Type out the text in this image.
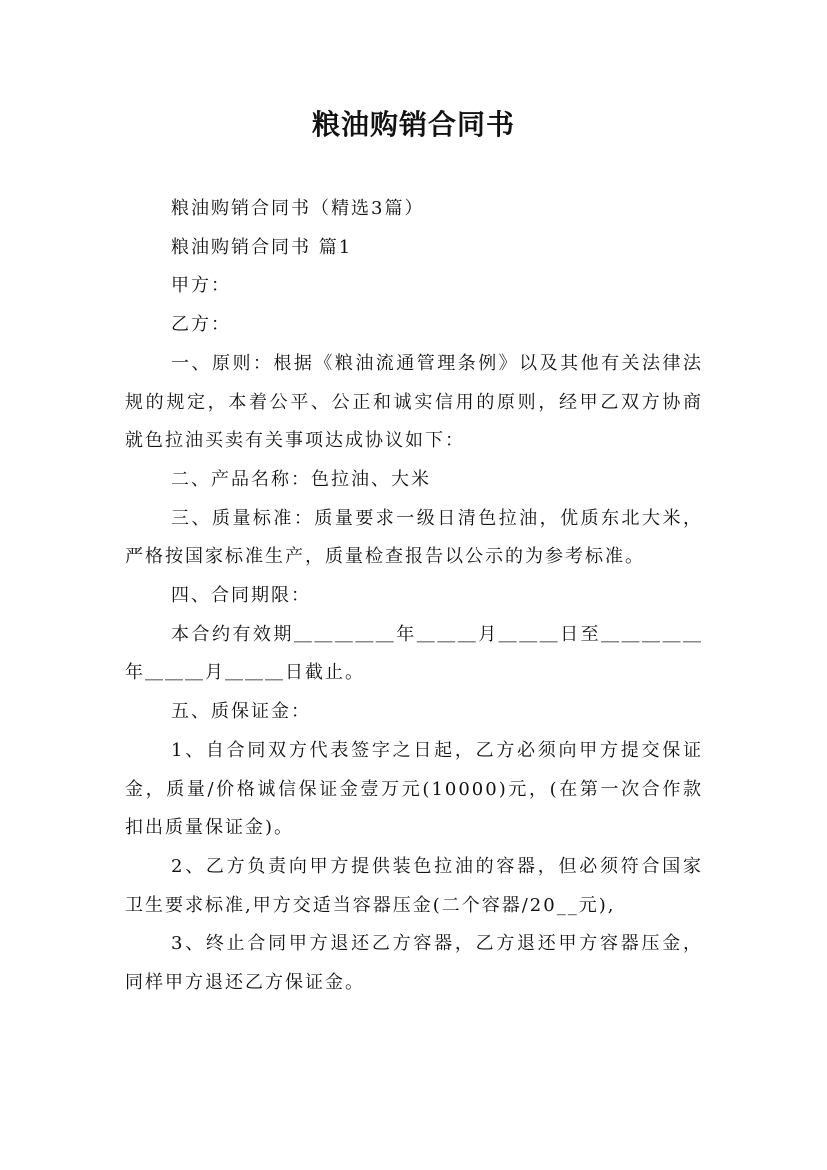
粮油购销合同书

粮油购销合同书（精选3篇）

粮油购销合同书 篇1

甲方：

乙方：

一、原则：根据《粮油流通管理条例》以及其他有关法律法规的规定，本着公平、公正和诚实信用的原则，经甲乙双方协商就色拉油买卖有关事项达成协议如下：

二、产品名称：色拉油、大米

三、质量标准：质量要求一级日清色拉油，优质东北大米，严格按国家标准生产，质量检查报告以公示的为参考标准。

四、合同期限：

本合约有效期＿＿＿＿＿年＿＿＿月＿＿＿日至＿＿＿＿＿年＿＿＿月＿＿＿日截止。

五、质保证金：

1、自合同双方代表签字之日起，乙方必须向甲方提交保证金，质量/价格诚信保证金壹万元(10000)元，(在第一次合作款扣出质量保证金)。

2、乙方负责向甲方提供装色拉油的容器，但必须符合国家卫生要求标准,甲方交适当容器压金(二个容器/20__元),

3、终止合同甲方退还乙方容器，乙方退还甲方容器压金，同样甲方退还乙方保证金。
